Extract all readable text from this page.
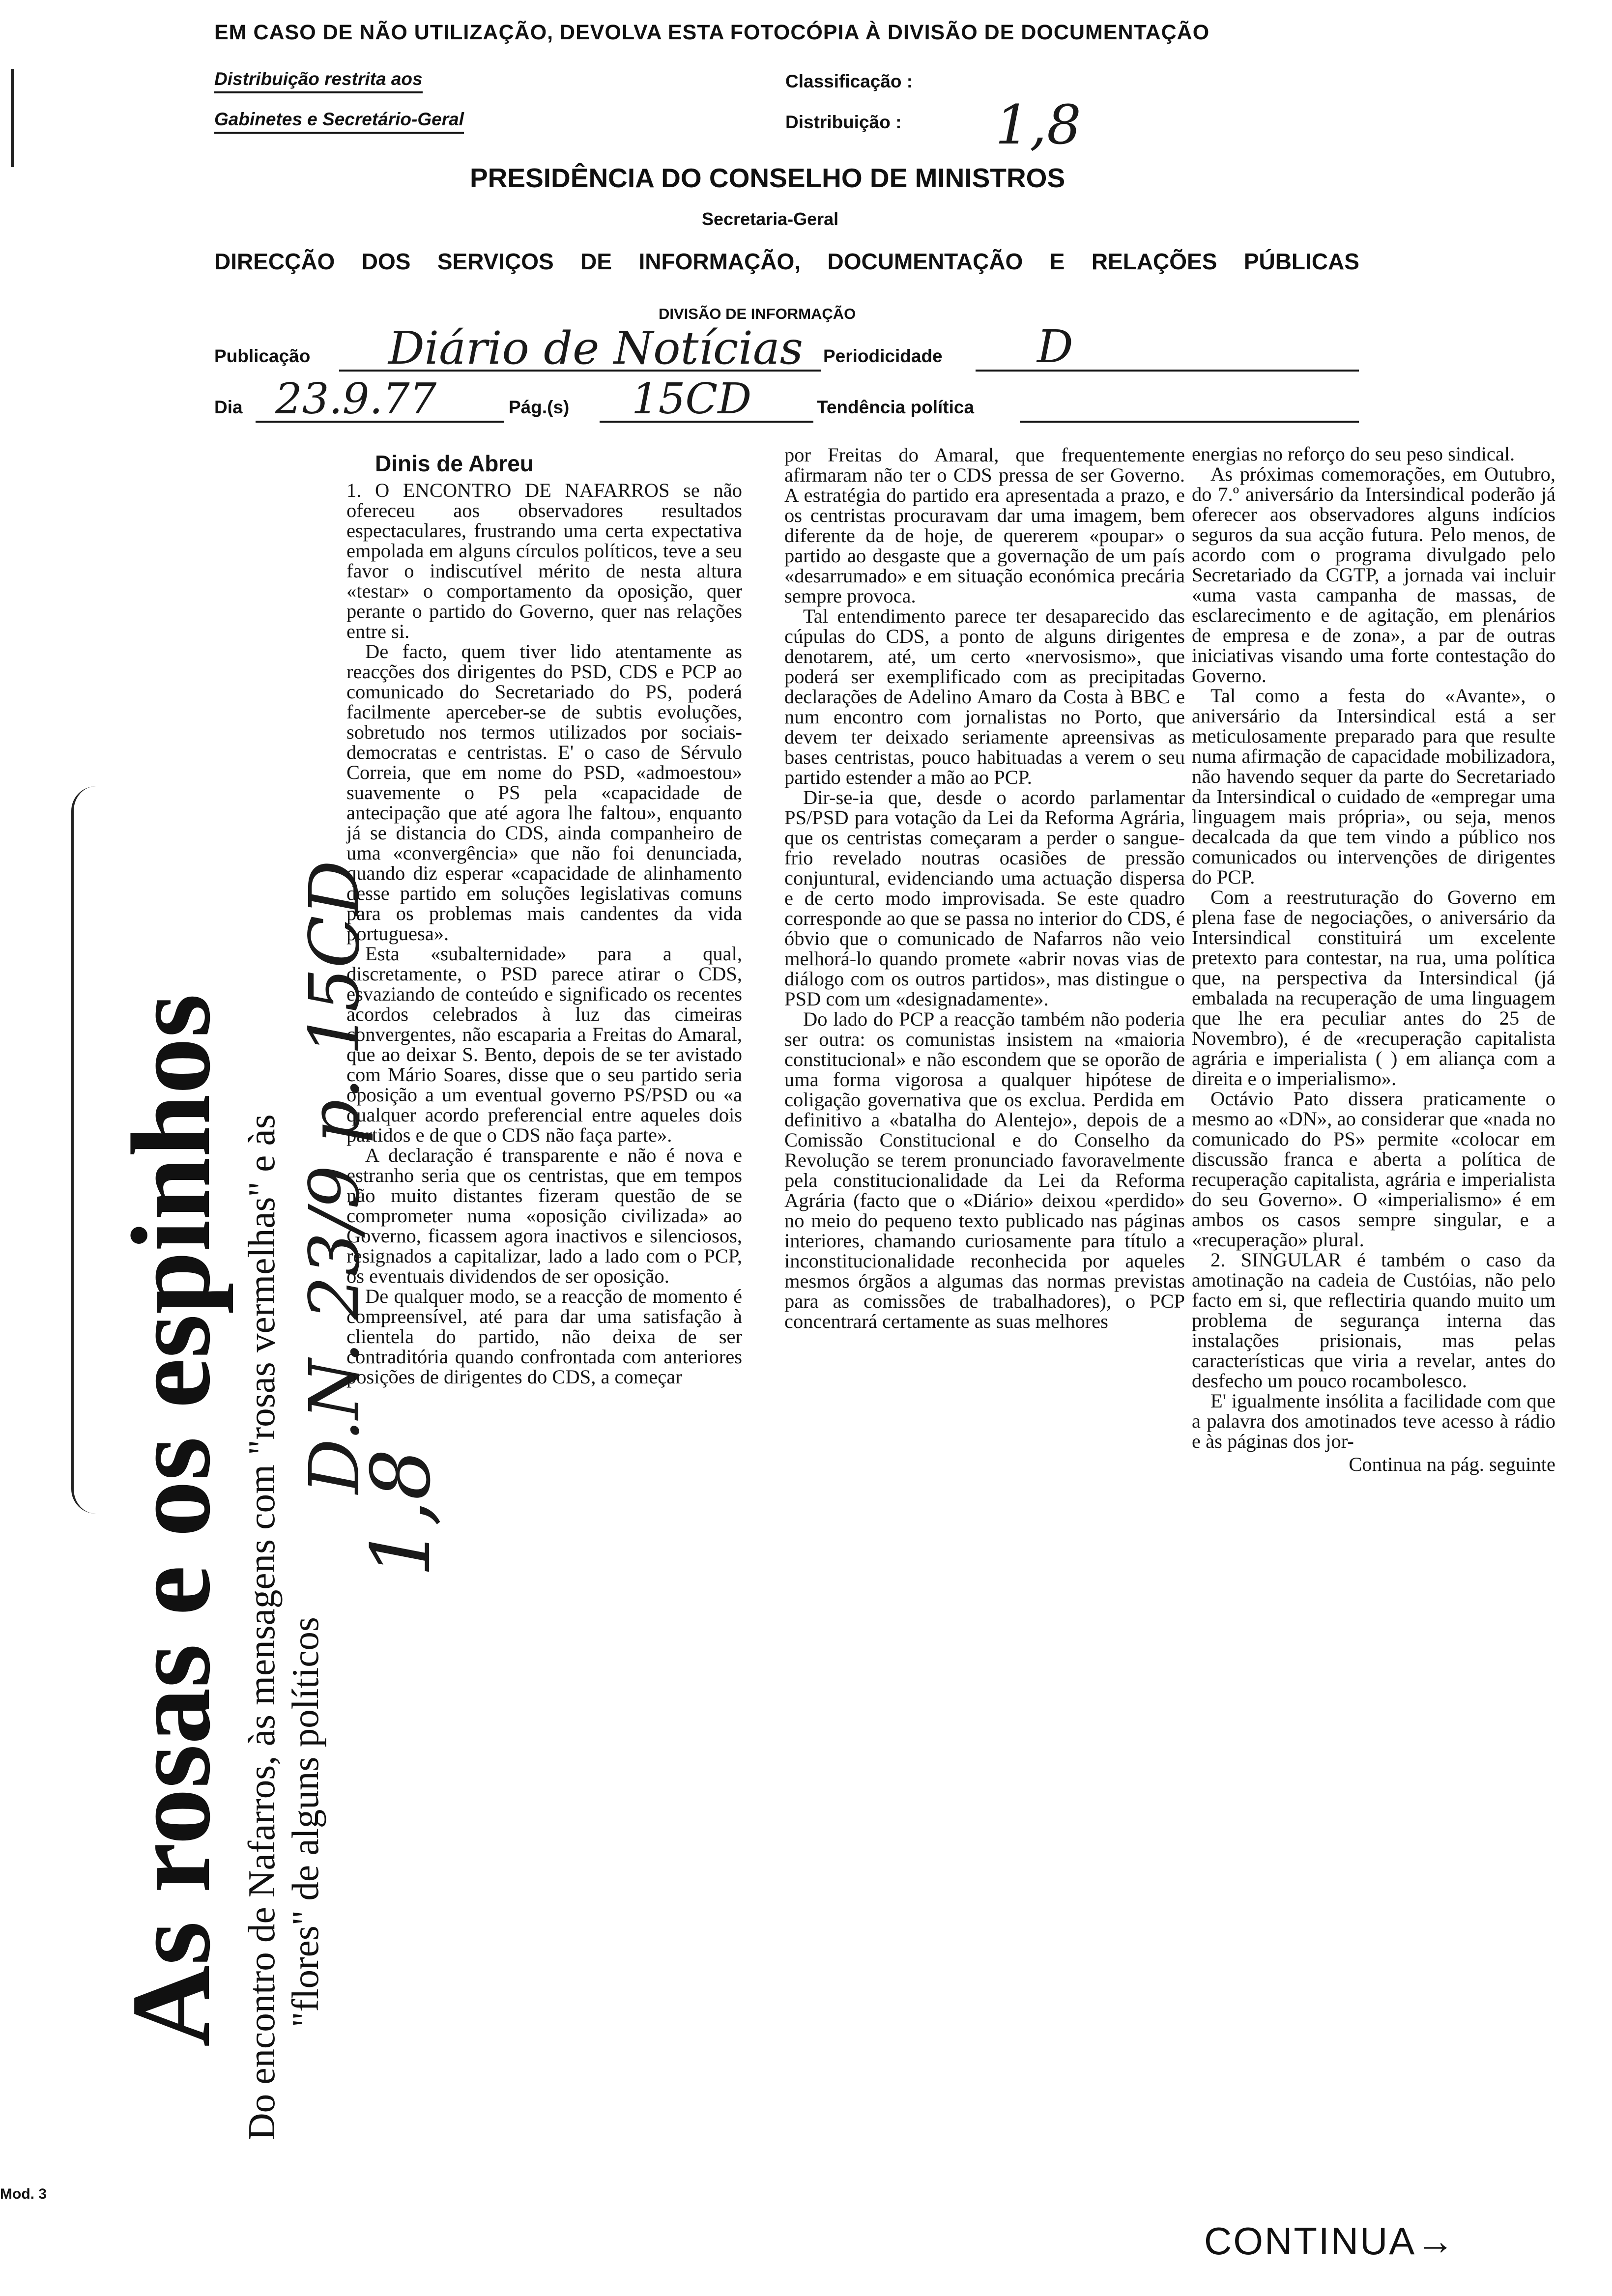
EM CASO DE NÃO UTILIZAÇÃO, DEVOLVA ESTA FOTOCÓPIA À DIVISÃO DE DOCUMENTAÇÃO
Distribuição restrita aos
Gabinetes e Secretário-Geral
Classificação :
Distribuição : 1,8
PRESIDÊNCIA DO CONSELHO DE MINISTROS
Secretaria-Geral
DIRECÇÃO DOS SERVIÇOS DE INFORMAÇÃO, DOCUMENTAÇÃO E RELAÇÕES PÚBLICAS
DIVISÃO DE INFORMAÇÃO
Publicação Diário de Notícias Periodicidade D
Dia 23.9.77	Pág.(s) 15CD	Tendência política
As rosas e os espinhos Do encontro de Nafarros, às mensagens com "rosas vermelhas" e às "flores" de alguns políticos
D.N. 23/9 p. 15CD
1,8
Dinis de Abreu

1. O ENCONTRO DE NAFARROS se não ofereceu aos observadores resultados espectaculares, frustrando uma certa expectativa empolada em alguns círculos políticos, teve a seu favor o indiscutível mérito de nesta altura «testar» o comportamento da oposição, quer perante o partido do Governo, quer nas relações entre si.

De facto, quem tiver lido atentamente as reacções dos dirigentes do PSD, CDS e PCP ao comunicado do Secretariado do PS, poderá facilmente aperceber-se de subtis evoluções, sobretudo nos termos utilizados por sociais-democratas e centristas. E' o caso de Sérvulo Correia, que em nome do PSD, «admoestou» suavemente o PS pela «capacidade de antecipação que até agora lhe faltou», enquanto já se distancia do CDS, ainda companheiro de uma «convergência» que não foi denunciada, quando diz esperar «capacidade de alinhamento desse partido em soluções legislativas comuns para os problemas mais candentes da vida portuguesa».

Esta «subalternidade» para a qual, discretamente, o PSD parece atirar o CDS, esvaziando de conteúdo e significado os recentes acordos celebrados à luz das cimeiras convergentes, não escaparia a Freitas do Amaral, que ao deixar S. Bento, depois de se ter avistado com Mário Soares, disse que o seu partido seria oposição a um eventual governo PS/PSD ou «a qualquer acordo preferencial entre aqueles dois partidos e de que o CDS não faça parte».

A declaração é transparente e não é nova e estranho seria que os centristas, que em tempos não muito distantes fizeram questão de se comprometer numa «oposição civilizada» ao Governo, ficassem agora inactivos e silenciosos, resignados a capitalizar, lado a lado com o PCP, os eventuais dividendos de ser oposição.

De qualquer modo, se a reacção de momento é compreensível, até para dar uma satisfação à clientela do partido, não deixa de ser contraditória quando confrontada com anteriores posições de dirigentes do CDS, a começar

por Freitas do Amaral, que frequentemente afirmaram não ter o CDS pressa de ser Governo. A estratégia do partido era apresentada a prazo, e os centristas procuravam dar uma imagem, bem diferente da de hoje, de quererem «poupar» o partido ao desgaste que a governação de um país «desarrumado» e em situação económica precária sempre provoca.

Tal entendimento parece ter desaparecido das cúpulas do CDS, a ponto de alguns dirigentes denotarem, até, um certo «nervosismo», que poderá ser exemplificado com as precipitadas declarações de Adelino Amaro da Costa à BBC e num encontro com jornalistas no Porto, que devem ter deixado seriamente apreensivas as bases centristas, pouco habituadas a verem o seu partido estender a mão ao PCP.

Dir-se-ia que, desde o acordo parlamentar PS/PSD para votação da Lei da Reforma Agrária, que os centristas começaram a perder o sangue-frio revelado noutras ocasiões de pressão conjuntural, evidenciando uma actuação dispersa e de certo modo improvisada. Se este quadro corresponde ao que se passa no interior do CDS, é óbvio que o comunicado de Nafarros não veio melhorá-lo quando promete «abrir novas vias de diálogo com os outros partidos», mas distingue o PSD com um «designadamente».

Do lado do PCP a reacção também não poderia ser outra: os comunistas insistem na «maioria constitucional» e não escondem que se oporão de uma forma vigorosa a qualquer hipótese de coligação governativa que os exclua. Perdida em definitivo a «batalha do Alentejo», depois de a Comissão Constitucional e do Conselho da Revolução se terem pronunciado favoravelmente pela constitucionalidade da Lei da Reforma Agrária (facto que o «Diário» deixou «perdido» no meio do pequeno texto publicado nas páginas interiores, chamando curiosamente para título a inconstitucionalidade reconhecida por aqueles mesmos órgãos a algumas das normas previstas para as comissões de trabalhadores), o PCP concentrará certamente as suas melhores

energias no reforço do seu peso sindical.

As próximas comemorações, em Outubro, do 7.º aniversário da Intersindical poderão já oferecer aos observadores alguns indícios seguros da sua acção futura. Pelo menos, de acordo com o programa divulgado pelo Secretariado da CGTP, a jornada vai incluir «uma vasta campanha de massas, de esclarecimento e de agitação, em plenários de empresa e de zona», a par de outras iniciativas visando uma forte contestação do Governo.

Tal como a festa do «Avante», o aniversário da Intersindical está a ser meticulosamente preparado para que resulte numa afirmação de capacidade mobilizadora, não havendo sequer da parte do Secretariado da Intersindical o cuidado de «empregar uma linguagem mais própria», ou seja, menos decalcada da que tem vindo a público nos comunicados ou intervenções de dirigentes do PCP.

Com a reestruturação do Governo em plena fase de negociações, o aniversário da Intersindical constituirá um excelente pretexto para contestar, na rua, uma política que, na perspectiva da Intersindical (já embalada na recuperação de uma linguagem que lhe era peculiar antes do 25 de Novembro), é de «recuperação capitalista agrária e imperialista ( ) em aliança com a direita e o imperialismo».

Octávio Pato dissera praticamente o mesmo ao «DN», ao considerar que «nada no comunicado do PS» permite «colocar em discussão franca e aberta a política de recuperação capitalista, agrária e imperialista do seu Governo». O «imperialismo» é em ambos os casos sempre singular, e a «recuperação» plural.

2. SINGULAR é também o caso da amotinação na cadeia de Custóias, não pelo facto em si, que reflectiria quando muito um problema de segurança interna das instalações prisionais, mas pelas características que viria a revelar, antes do desfecho um pouco rocambolesco.

E' igualmente insólita a facilidade com que a palavra dos amotinados teve acesso à rádio e às páginas dos jor-

Continua na pág. seguinte

Mod. 3
CONTINUA→
